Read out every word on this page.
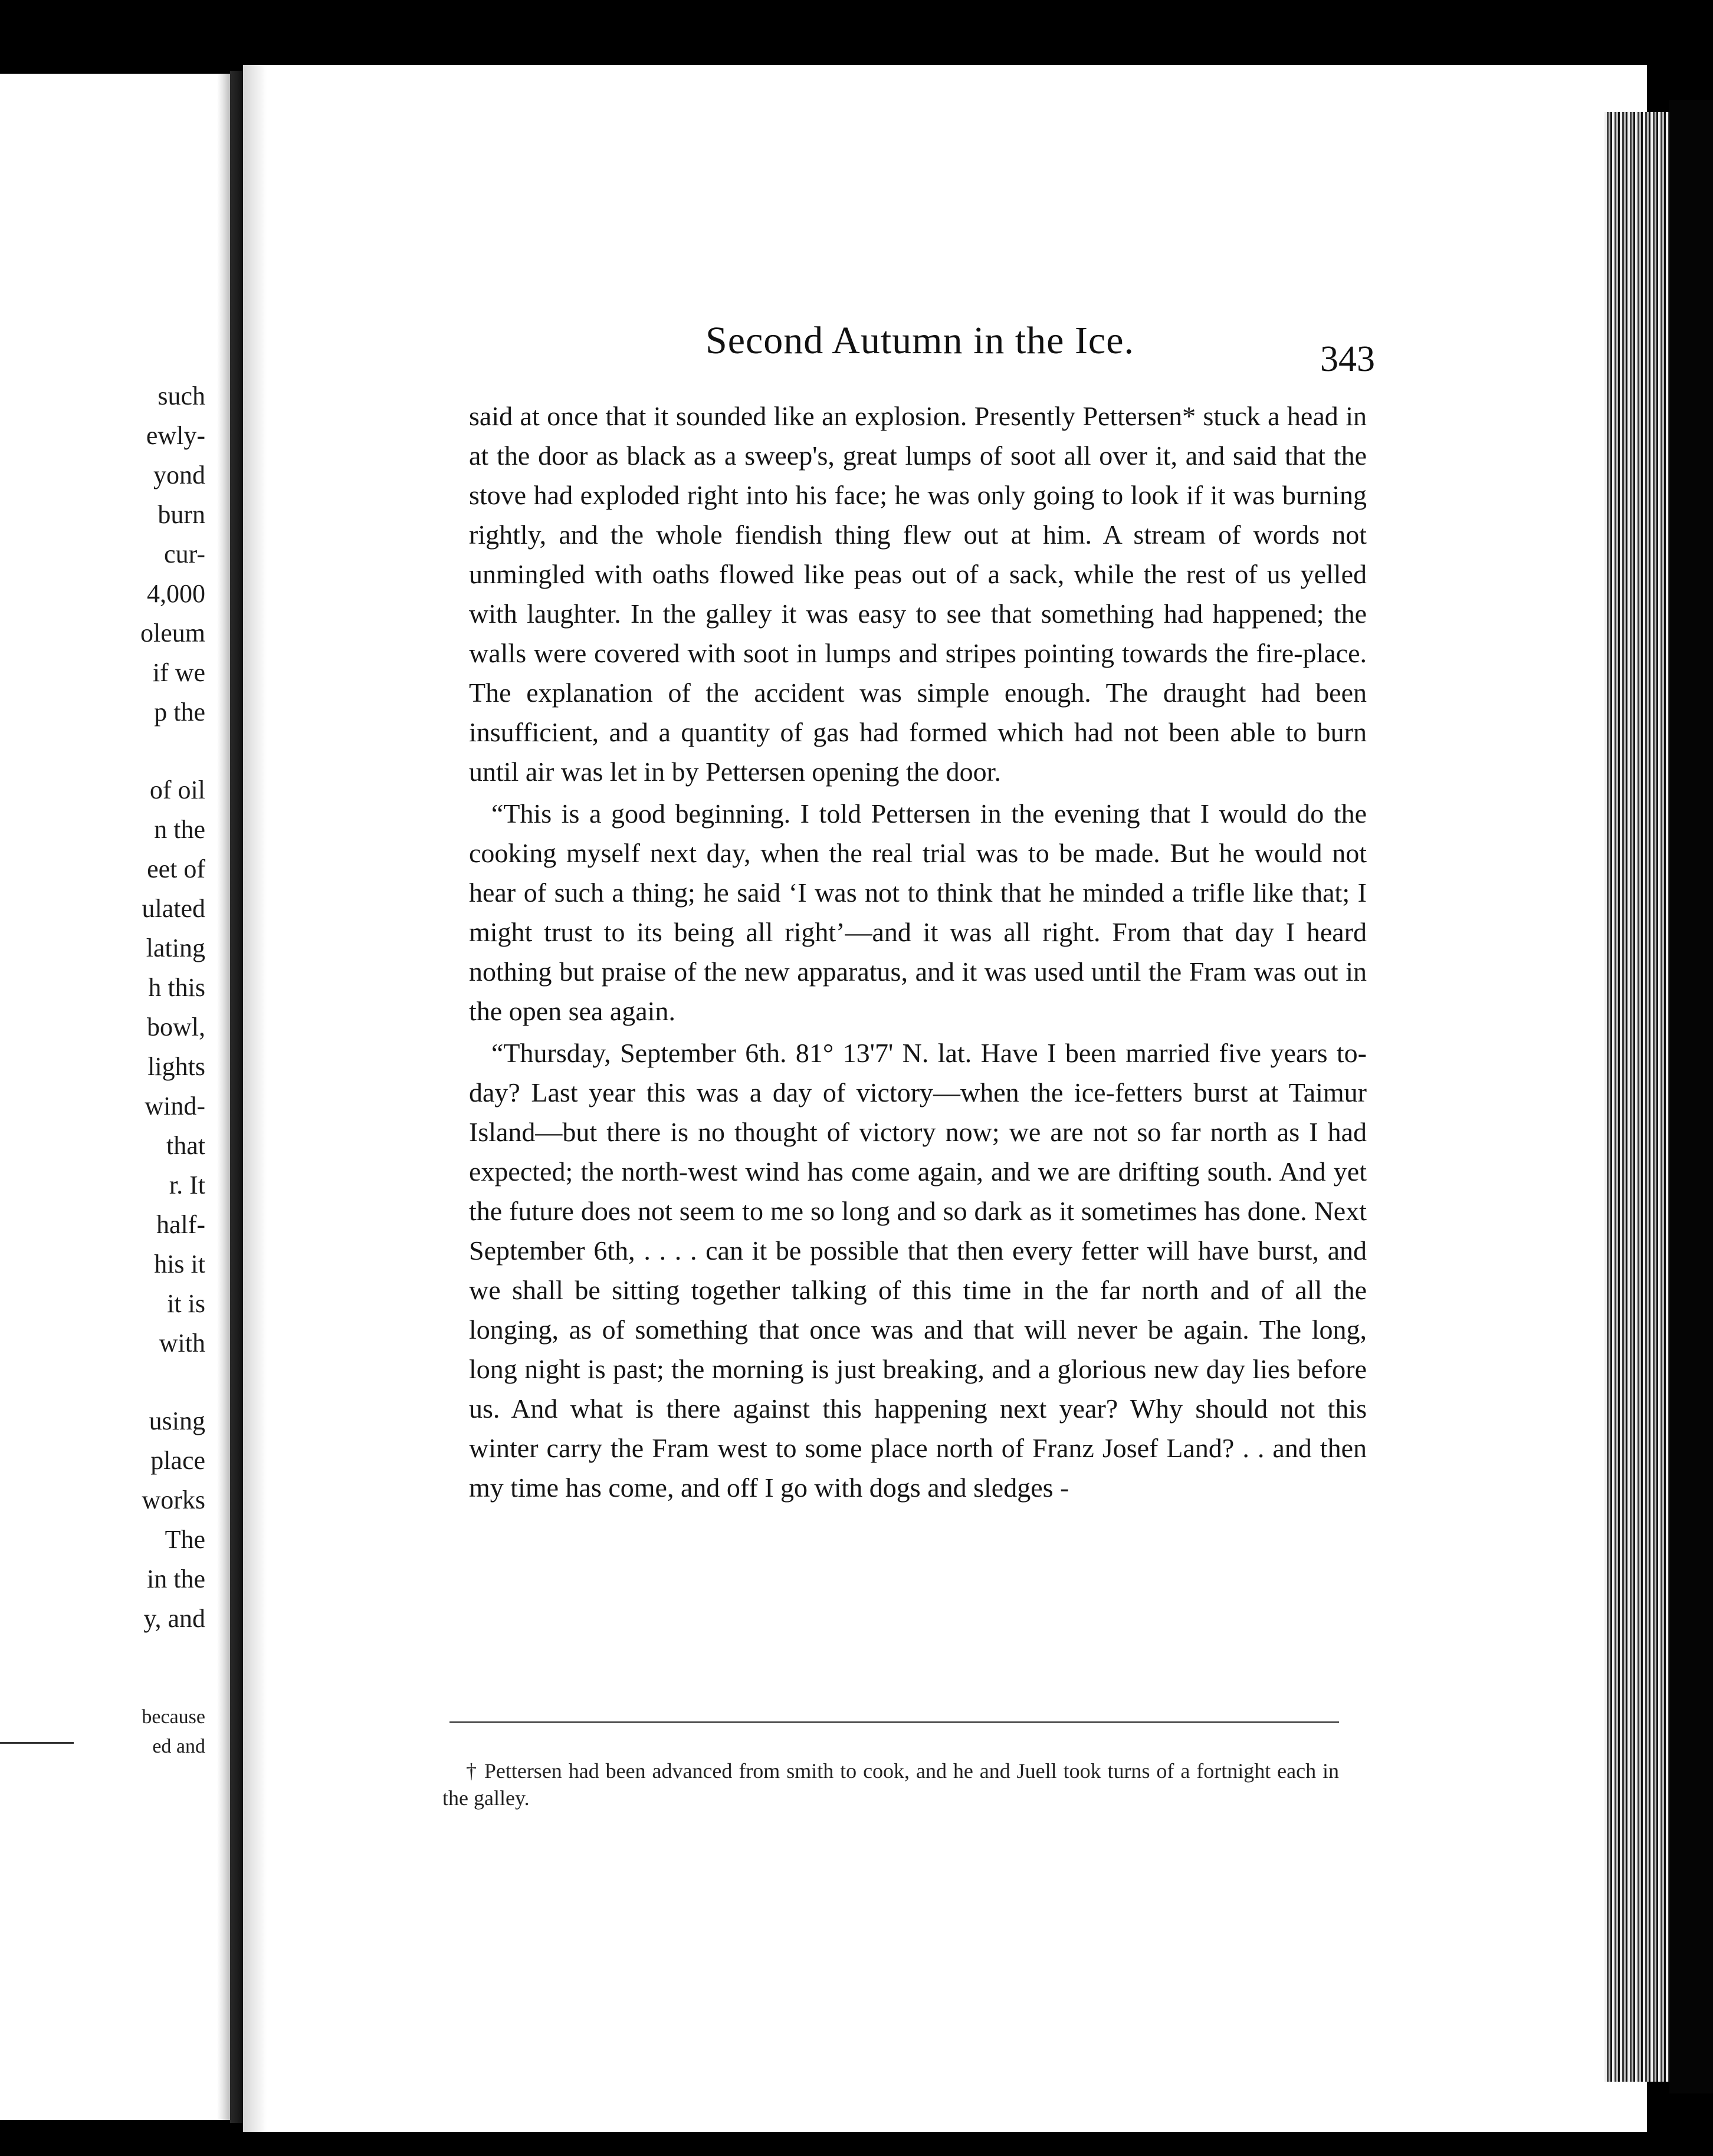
such
ewly-
yond
burn
cur-
4,000
oleum
if we
p the
of oil
n the
eet of
ulated
lating
h this
bowl,
lights
wind-
that
r. It
half-
his it
it is
with
using
place
works
The
in the
y, and
because
ed and
Second Autumn in the Ice.	343

said at once that it sounded like an explosion. Presently Pettersen* stuck a head in at the door as black as a sweep's, great lumps of soot all over it, and said that the stove had exploded right into his face; he was only going to look if it was burning rightly, and the whole fiendish thing flew out at him. A stream of words not unmingled with oaths flowed like peas out of a sack, while the rest of us yelled with laughter. In the galley it was easy to see that something had happened; the walls were covered with soot in lumps and stripes pointing towards the fire-place. The explanation of the accident was simple enough. The draught had been insufficient, and a quantity of gas had formed which had not been able to burn until air was let in by Pettersen opening the door.

“This is a good beginning. I told Pettersen in the evening that I would do the cooking myself next day, when the real trial was to be made. But he would not hear of such a thing; he said ‘I was not to think that he minded a trifle like that; I might trust to its being all right’—and it was all right. From that day I heard nothing but praise of the new apparatus, and it was used until the Fram was out in the open sea again.

“Thursday, September 6th. 81° 13'7' N. lat. Have I been married five years to-day? Last year this was a day of victory—when the ice-fetters burst at Taimur Island—but there is no thought of victory now; we are not so far north as I had expected; the north-west wind has come again, and we are drifting south. And yet the future does not seem to me so long and so dark as it sometimes has done. Next September 6th, . . . . can it be possible that then every fetter will have burst, and we shall be sitting together talking of this time in the far north and of all the longing, as of something that once was and that will never be again. The long, long night is past; the morning is just breaking, and a glorious new day lies before us. And what is there against this happening next year? Why should not this winter carry the Fram west to some place north of Franz Josef Land? . . and then my time has come, and off I go with dogs and sledges -

† Pettersen had been advanced from smith to cook, and he and Juell took turns of a fortnight each in the galley.
